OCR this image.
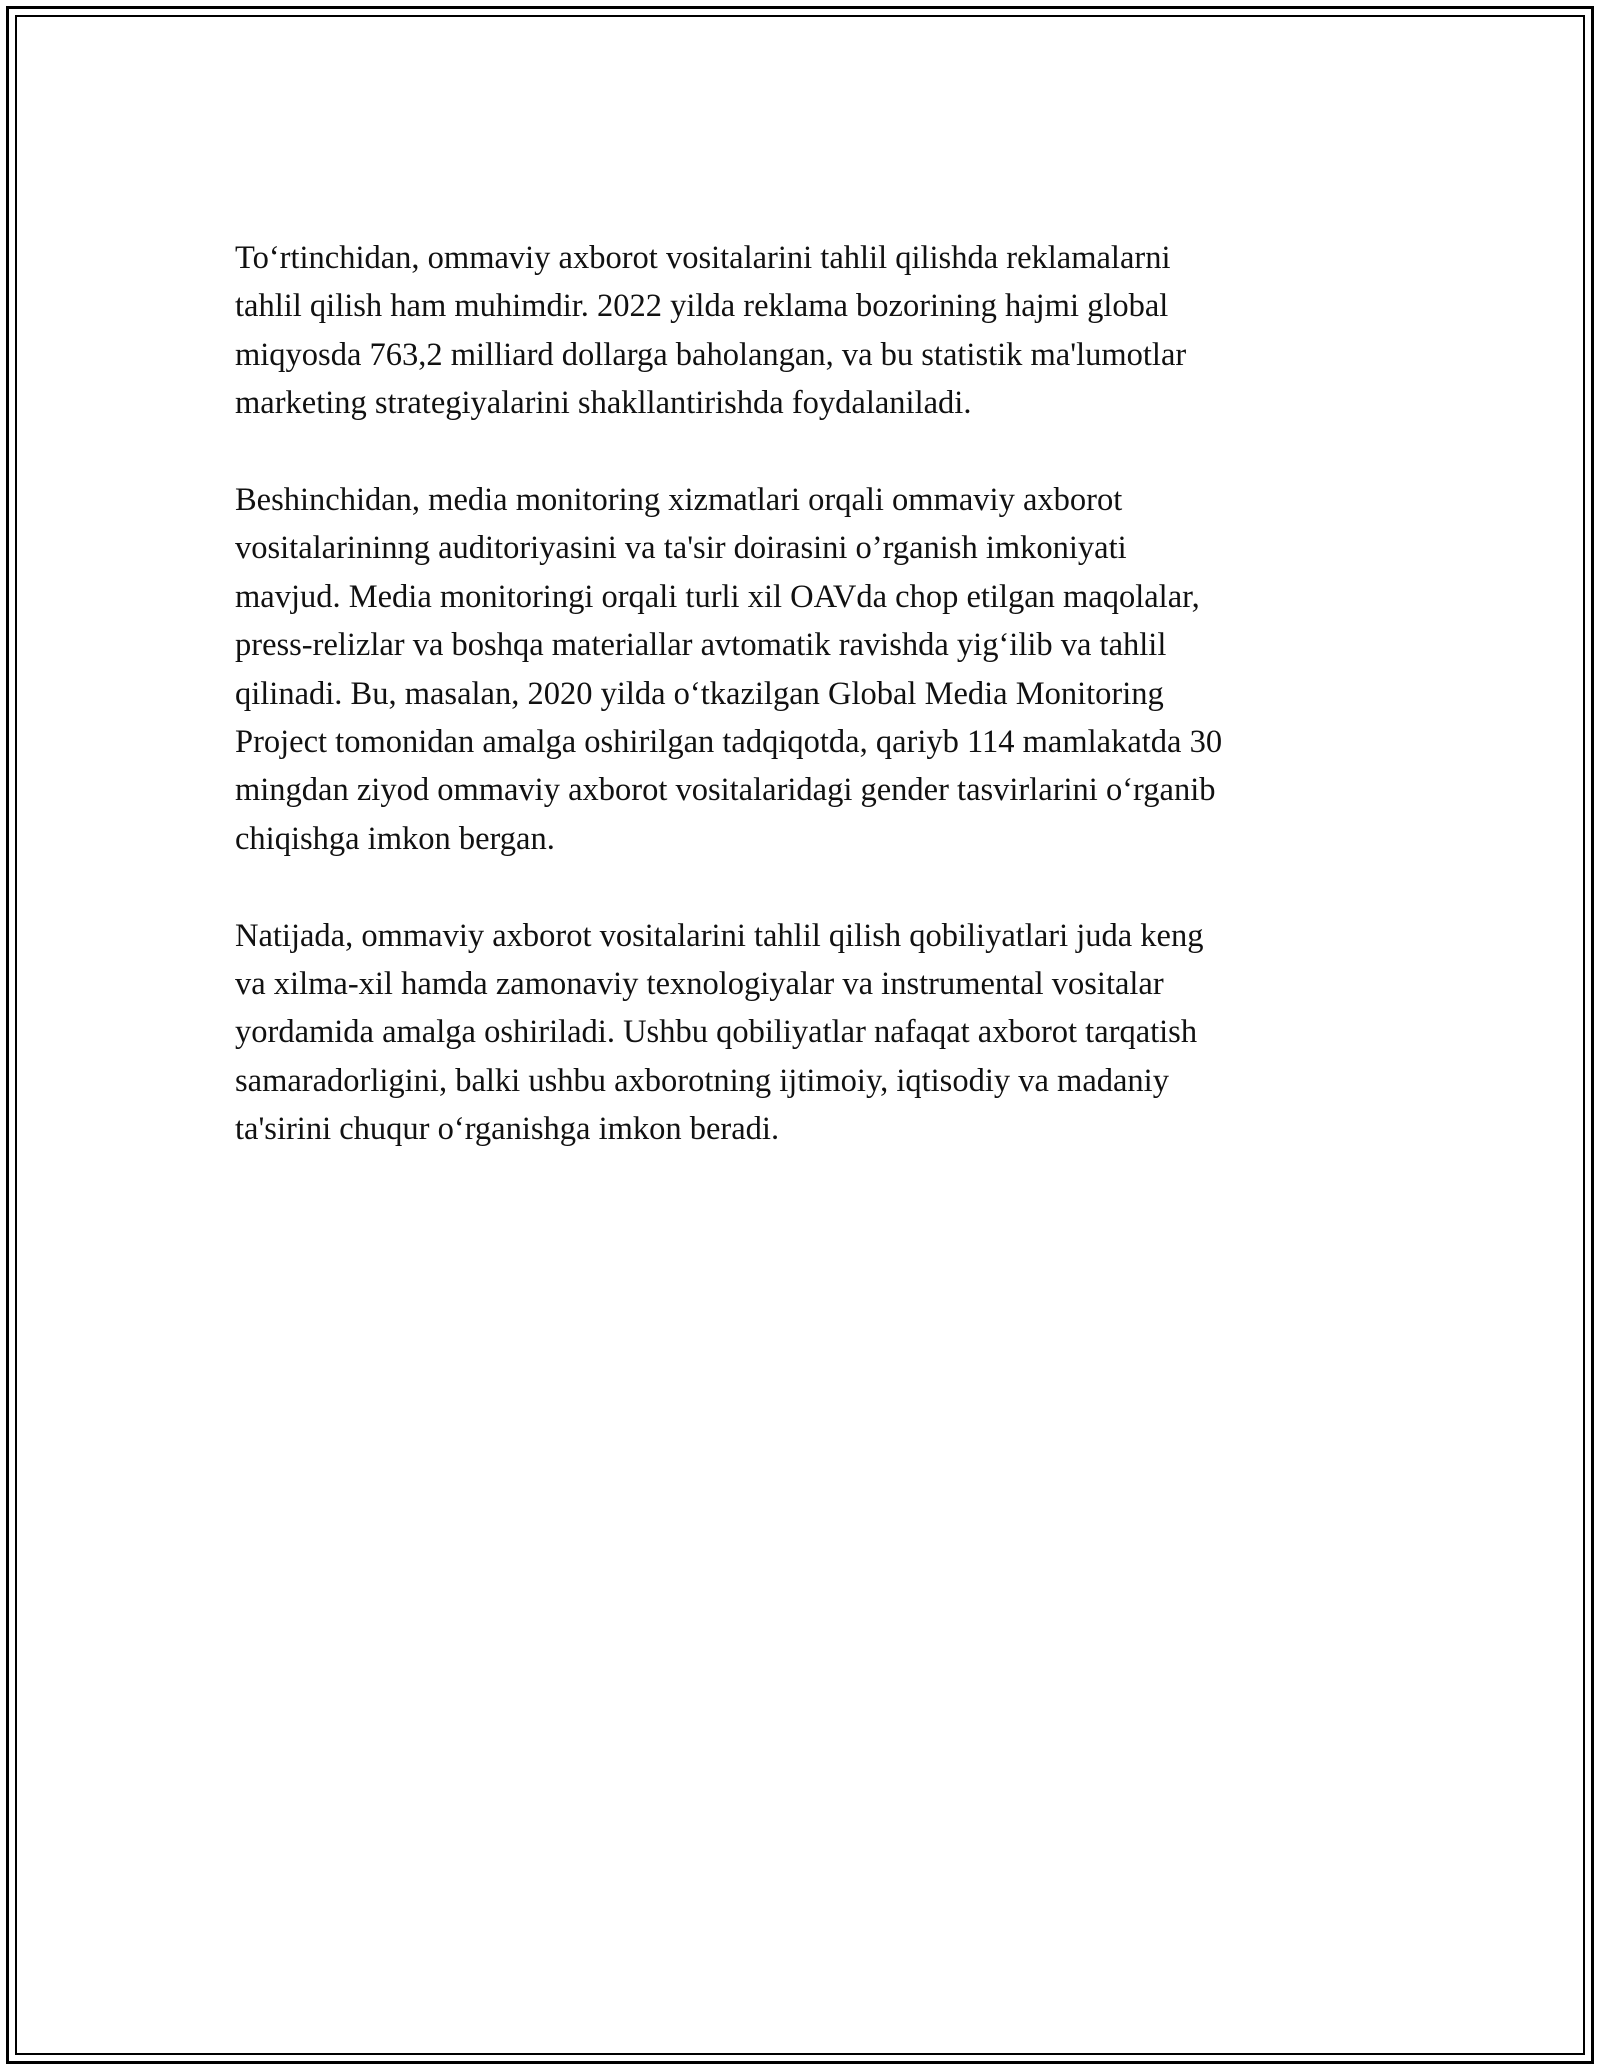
To‘rtinchidan, ommaviy axborot vositalarini tahlil qilishda reklamalarni
tahlil qilish ham muhimdir. 2022 yilda reklama bozorining hajmi global
miqyosda 763,2 milliard dollarga baholangan, va bu statistik ma'lumotlar
marketing strategiyalarini shakllantirishda foydalaniladi.

Beshinchidan, media monitoring xizmatlari orqali ommaviy axborot
vositalarininng auditoriyasini va ta'sir doirasini o’rganish imkoniyati
mavjud. Media monitoringi orqali turli xil OAVda chop etilgan maqolalar,
press-relizlar va boshqa materiallar avtomatik ravishda yig‘ilib va tahlil
qilinadi. Bu, masalan, 2020 yilda o‘tkazilgan Global Media Monitoring
Project tomonidan amalga oshirilgan tadqiqotda, qariyb 114 mamlakatda 30
mingdan ziyod ommaviy axborot vositalaridagi gender tasvirlarini o‘rganib
chiqishga imkon bergan.

Natijada, ommaviy axborot vositalarini tahlil qilish qobiliyatlari juda keng
va xilma-xil hamda zamonaviy texnologiyalar va instrumental vositalar
yordamida amalga oshiriladi. Ushbu qobiliyatlar nafaqat axborot tarqatish
samaradorligini, balki ushbu axborotning ijtimoiy, iqtisodiy va madaniy
ta'sirini chuqur o‘rganishga imkon beradi.
